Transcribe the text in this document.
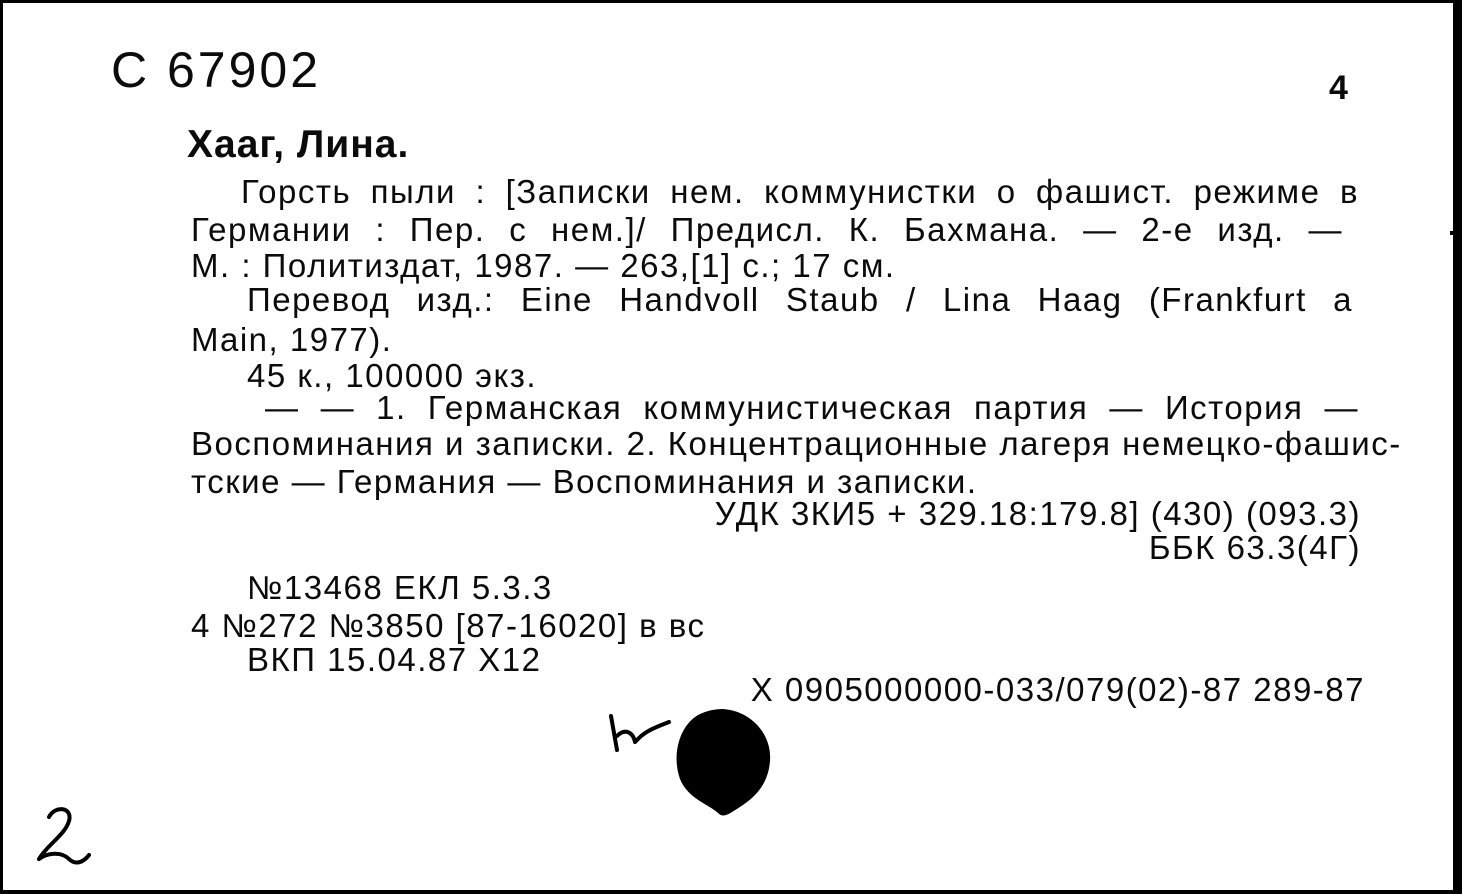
С 67902	4
Хааг, Лина.
Горсть пыли : [Записки нем. коммунистки о фашист. режиме в
Германии : Пер. с нем.]/ Предисл. К. Бахмана. — 2-е изд. —
М. : Политиздат, 1987. — 263,[1] с.; 17 см.
Перевод изд.: Eine Handvoll Staub / Lina Haag (Frankfurt a
Main, 1977).
45 к., 100000 экз.
— — 1. Германская коммунистическая партия — История —
Воспоминания и записки. 2. Концентрационные лагеря немецко-фашис-
тские — Германия — Воспоминания и записки.
УДК 3КИ5 + 329.18:179.8] (430) (093.3)
ББК 63.3(4Г)
№13468 ЕКЛ 5.3.3
4 №272 №3850 [87-16020] в вс
ВКП 15.04.87 Х12
Х 0905000000-033/079(02)-87 289-87
